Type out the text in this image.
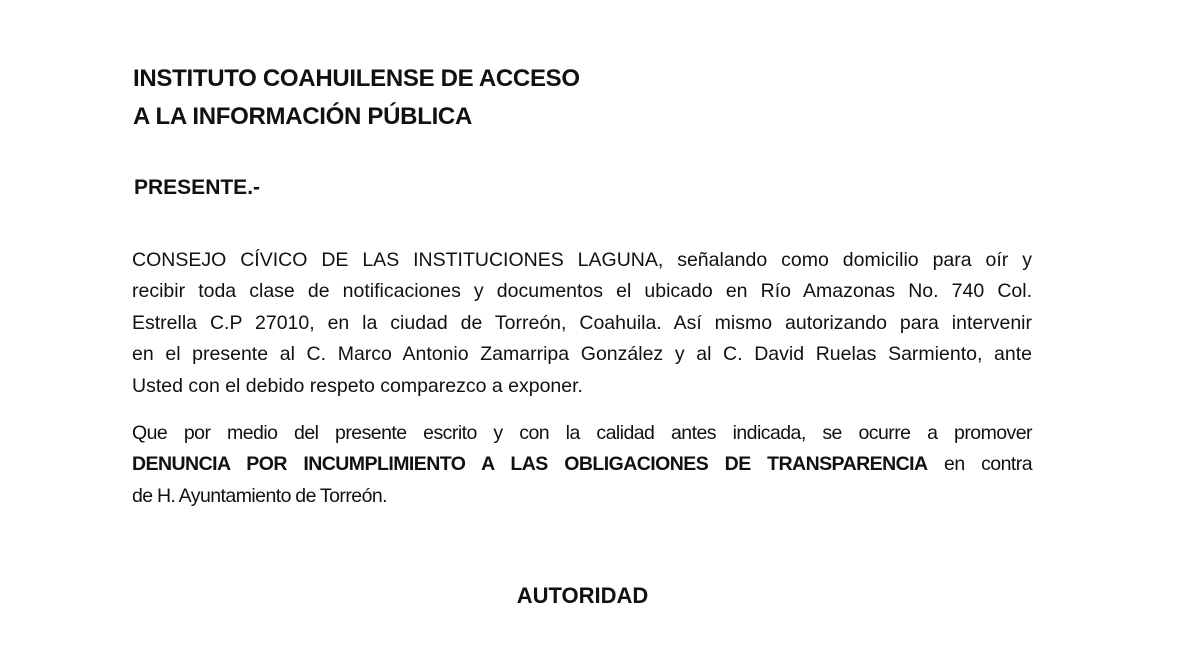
INSTITUTO COAHUILENSE DE ACCESO
A LA INFORMACIÓN PÚBLICA
PRESENTE.-
CONSEJO CÍVICO DE LAS INSTITUCIONES LAGUNA, señalando como domicilio para oír y
recibir toda clase de notificaciones y documentos el ubicado en Río Amazonas No. 740 Col.
Estrella C.P 27010, en la ciudad de Torreón, Coahuila. Así mismo autorizando para intervenir
en el presente al C. Marco Antonio Zamarripa González y al C. David Ruelas Sarmiento, ante
Usted con el debido respeto comparezco a exponer.
Que por medio del presente escrito y con la calidad antes indicada, se ocurre a promover
DENUNCIA POR INCUMPLIMIENTO A LAS OBLIGACIONES DE TRANSPARENCIA en contra
de H. Ayuntamiento de Torreón.
AUTORIDAD
